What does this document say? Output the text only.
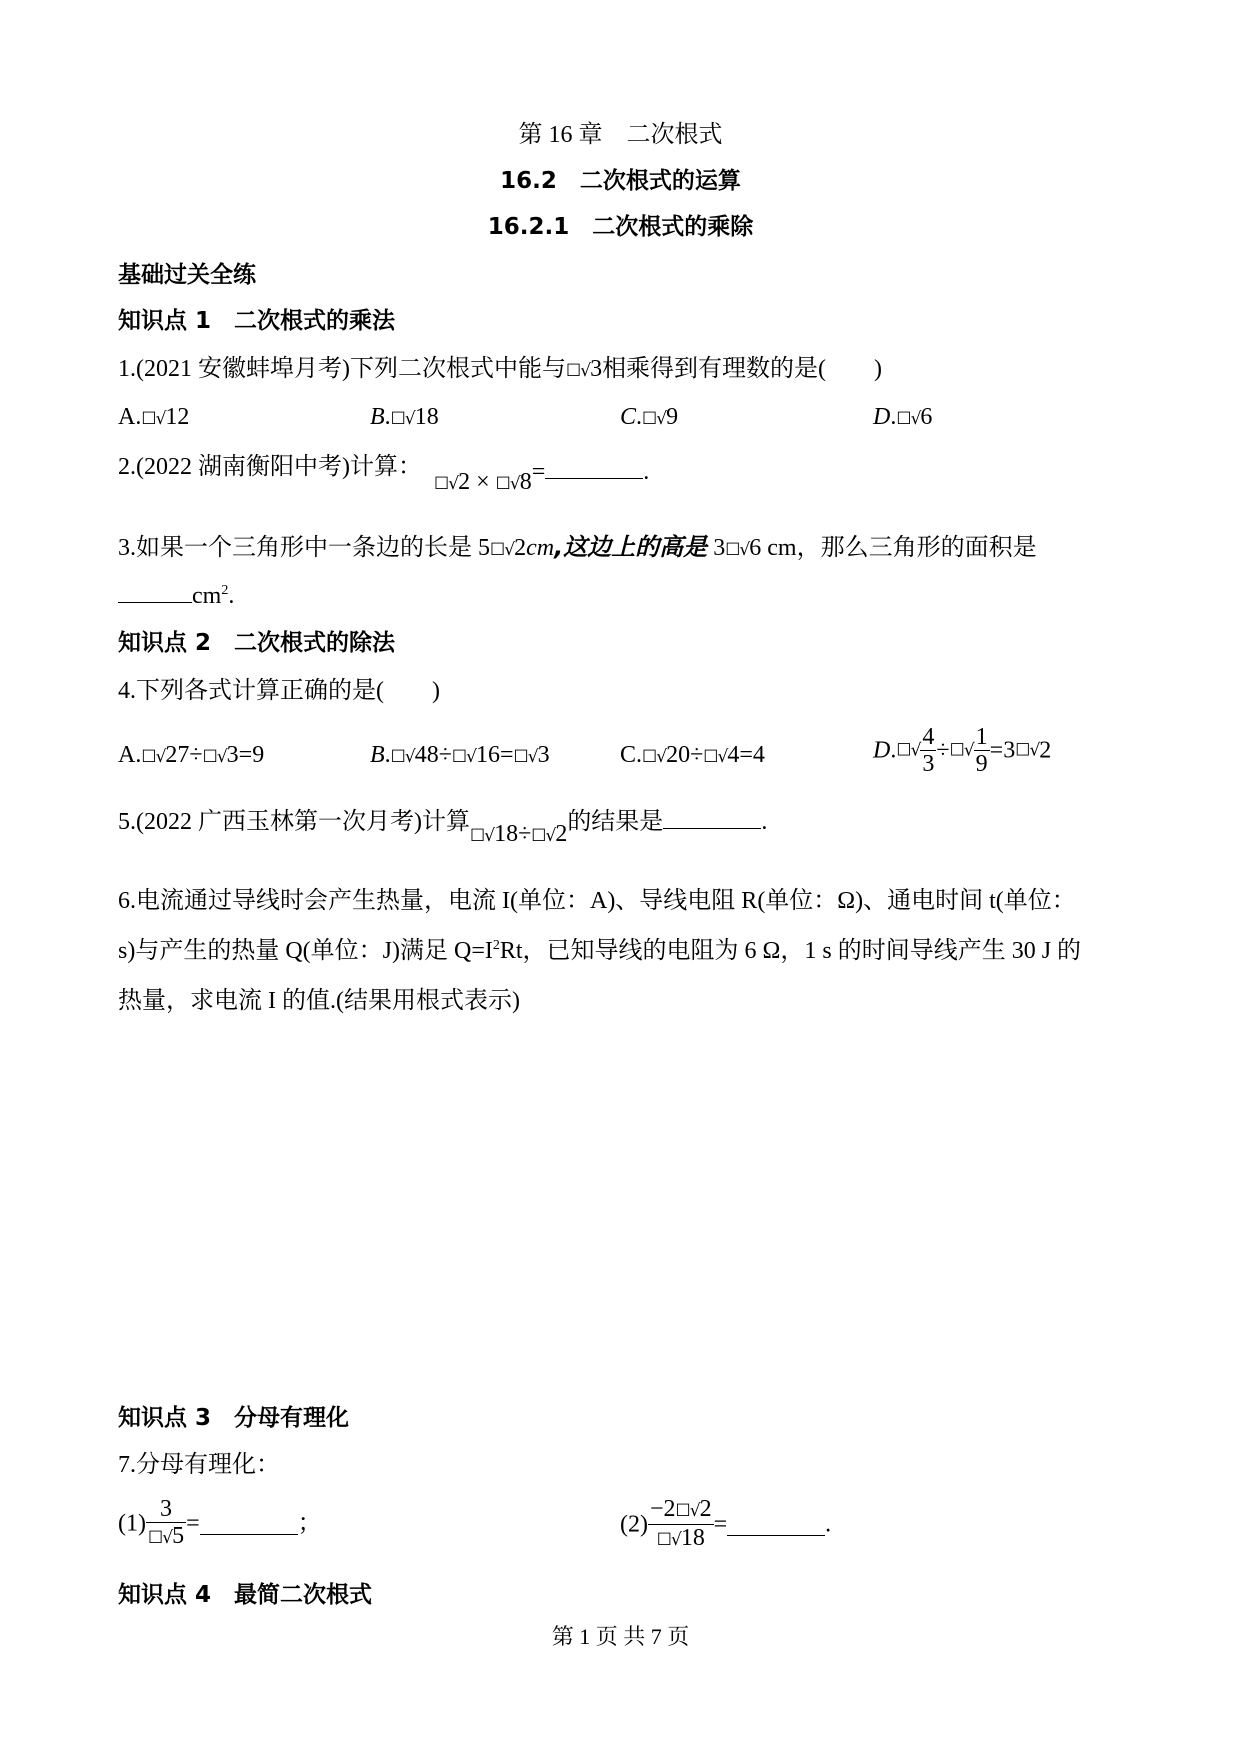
第 16 章　二次根式
16.2　二次根式的运算
16.2.1　二次根式的乘除
基础过关全练
知识点 1　二次根式的乘法
1.(2021 安徽蚌埠月考)下列二次根式中能与☐√3相乘得到有理数的是(　　)
A.☐√12	B.☐√18	C.☐√9	D.☐√6
2.(2022 湖南衡阳中考)计算：
☐√2 × ☐√8=	.
3.如果一个三角形中一条边的长是 5☐√2cm,这边上的高是 3☐√6 cm，那么三角形的面积是
$cm^2$.
知识点 2　二次根式的除法
4.下列各式计算正确的是(　　)
A.☐√27÷☐√3=9	B.☐√48÷☐√16=☐√3	C.☐√20÷☐√4=4	D.☐√ $\frac{4}{3}$ ÷☐√ $\frac{1}{9}$ =3☐√2
5.(2022 广西玉林第一次月考)计算☐√18÷☐√2的结果是	.
6.电流通过导线时会产生热量，电流 I(单位：A)、导线电阻 R(单位：Ω)、通电时间 t(单位：
s)与产生的热量 Q(单位：J)满足 $Q=I^2Rt$，已知导线的电阻为 6 Ω，1 s 的时间导线产生 30 J 的
热量，求电流 I 的值.(结果用根式表示)
知识点 3　分母有理化
7.分母有理化：
$(1) \frac{3}{☐√5}$ =	；	$(2) \frac{-2☐√2}{☐√18}$ =	.
知识点 4　最简二次根式
第 1 页 共 7 页
